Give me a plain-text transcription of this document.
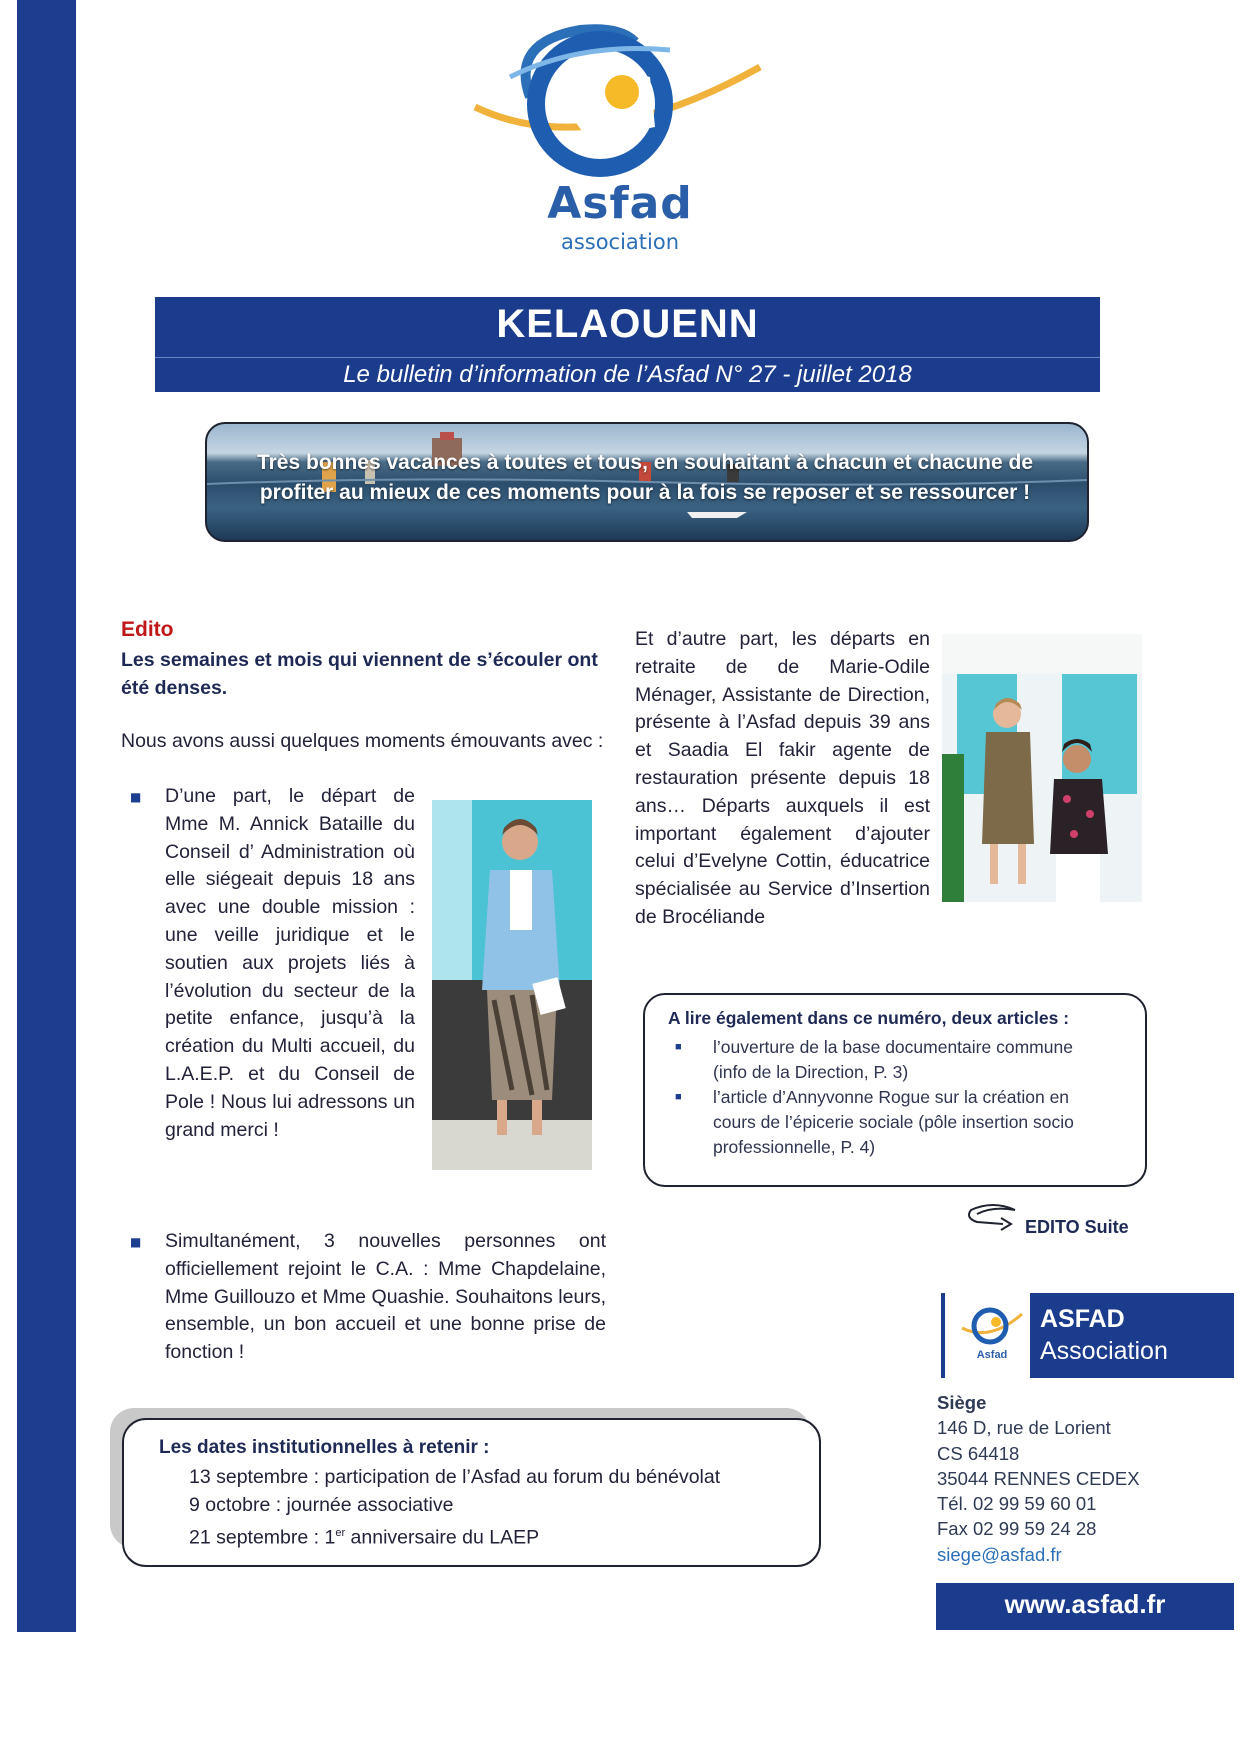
Asfad
association
KELAOUENN
Le bulletin d’information de l’Asfad N° 27 - juillet 2018
Très bonnes vacances à toutes et tous, en souhaitant à chacun et chacune de
profiter au mieux de ces moments pour à la fois se reposer et se ressourcer !
Edito
Les semaines et mois qui viennent de s’écouler ont été denses.
Nous avons aussi quelques moments émouvants avec :
■ D’une part, le départ de Mme M. Annick Bataille du Conseil d’ Administration où elle siégeait depuis 18 ans avec une double mission : une veille juridique et le soutien aux projets liés à l’évolution du secteur de la petite enfance, jusqu’à la création du Multi accueil, du L.A.E.P. et du Conseil de Pole ! Nous lui adressons un grand merci !
■ Simultanément, 3 nouvelles personnes ont officiellement rejoint le C.A. : Mme Chapdelaine, Mme Guillouzo et Mme Quashie. Souhaitons leurs, ensemble, un bon accueil et une bonne prise de fonction !
Et d’autre part, les départs en retraite de de Marie-Odile Ménager, Assistante de Direction, présente à l’Asfad depuis 39 ans et Saadia El fakir agente de restauration présente depuis 18 ans… Départs auxquels il est important également d’ajouter celui d’Evelyne Cottin, éducatrice spécialisée au Service d’Insertion de Brocéliande
A lire également dans ce numéro, deux articles :
■ l’ouverture de la base documentaire commune
(info de la Direction, P. 3)
■ l’article d’Annyvonne Rogue sur la création en
cours de l’épicerie sociale (pôle insertion socio
professionnelle, P. 4)
EDITO Suite
Les dates institutionnelles à retenir :
13 septembre : participation de l’Asfad au forum du bénévolat
9 octobre : journée associative
21 septembre : 1er anniversaire du LAEP
Asfad
ASFAD
Association
Siège
146 D, rue de Lorient
CS 64418
35044 RENNES CEDEX
Tél. 02 99 59 60 01
Fax 02 99 59 24 28
siege@asfad.fr
www.asfad.fr
